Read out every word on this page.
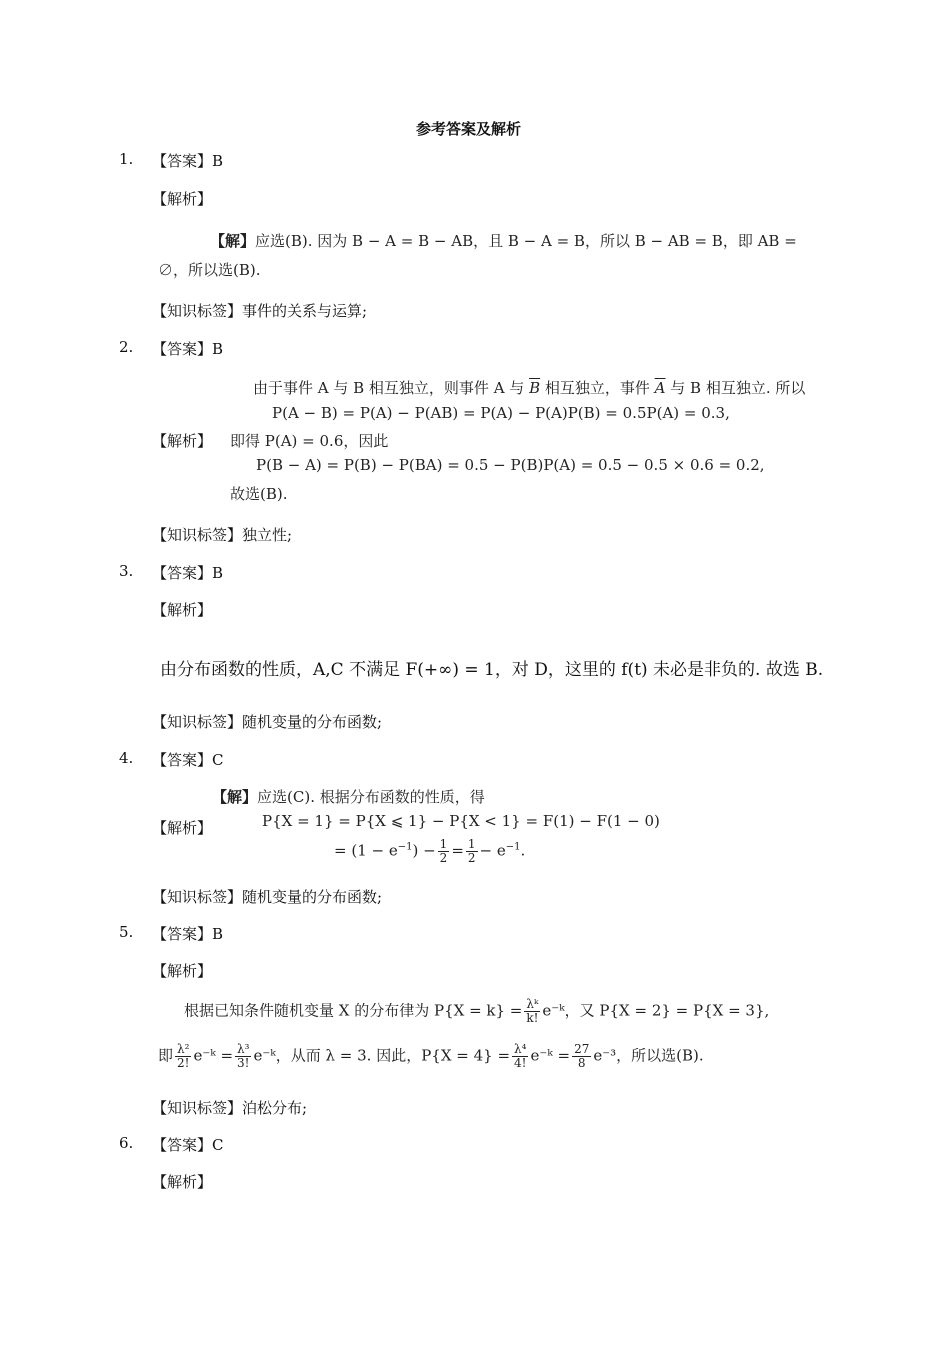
参考答案及解析
1. 【答案】B
【解析】
【解】应选(B). 因为 B − A = B − AB，且 B − A = B，所以 B − AB = B，即 AB =
∅，所以选(B).
【知识标签】事件的关系与运算;
2. 【答案】B
由于事件 A 与 B 相互独立，则事件 A 与 $\overline{B}$ 相互独立，事件 $\overline{A}$ 与 B 相互独立. 所以
P(A − B) = P(A) − P(AB) = P(A) − P(A)P(B) = 0.5P(A) = 0.3,
【解析】 即得 P(A) = 0.6，因此
P(B − A) = P(B) − P(BA) = 0.5 − P(B)P(A) = 0.5 − 0.5 × 0.6 = 0.2,
故选(B).
【知识标签】独立性;
3. 【答案】B
【解析】
由分布函数的性质，A,C 不满足 F(+∞) = 1，对 D，这里的 f(t) 未必是非负的. 故选 B.
【知识标签】随机变量的分布函数;
4. 【答案】C
【解】应选(C). 根据分布函数的性质，得
【解析】	P{X = 1} = P{X ⩽ 1} − P{X < 1} = F(1) − F(1 − 0)
= $(1 - e^{-1}) - \frac{1}{2} = \frac{1}{2} - e^{-1}$.
【知识标签】随机变量的分布函数;
5. 【答案】B
【解析】
根据已知条件随机变量 X 的分布律为 $P\{X = k\} = \frac{\text{λᵏ}}{k!}$ e⁻ᵏ，又 P{X = 2} = P{X = 3},
即 $\frac{\text{λ²}}{2!}$ e⁻ᵏ = $\frac{\text{λ³}}{3!}$ e⁻ᵏ，从而 λ = 3. 因此，$P\{X = 4\} = \frac{\text{λ⁴}}{4!}$ e⁻ᵏ = $\frac{27}{8} e^{-3}$，所以选(B).
【知识标签】泊松分布;
6. 【答案】C
【解析】
